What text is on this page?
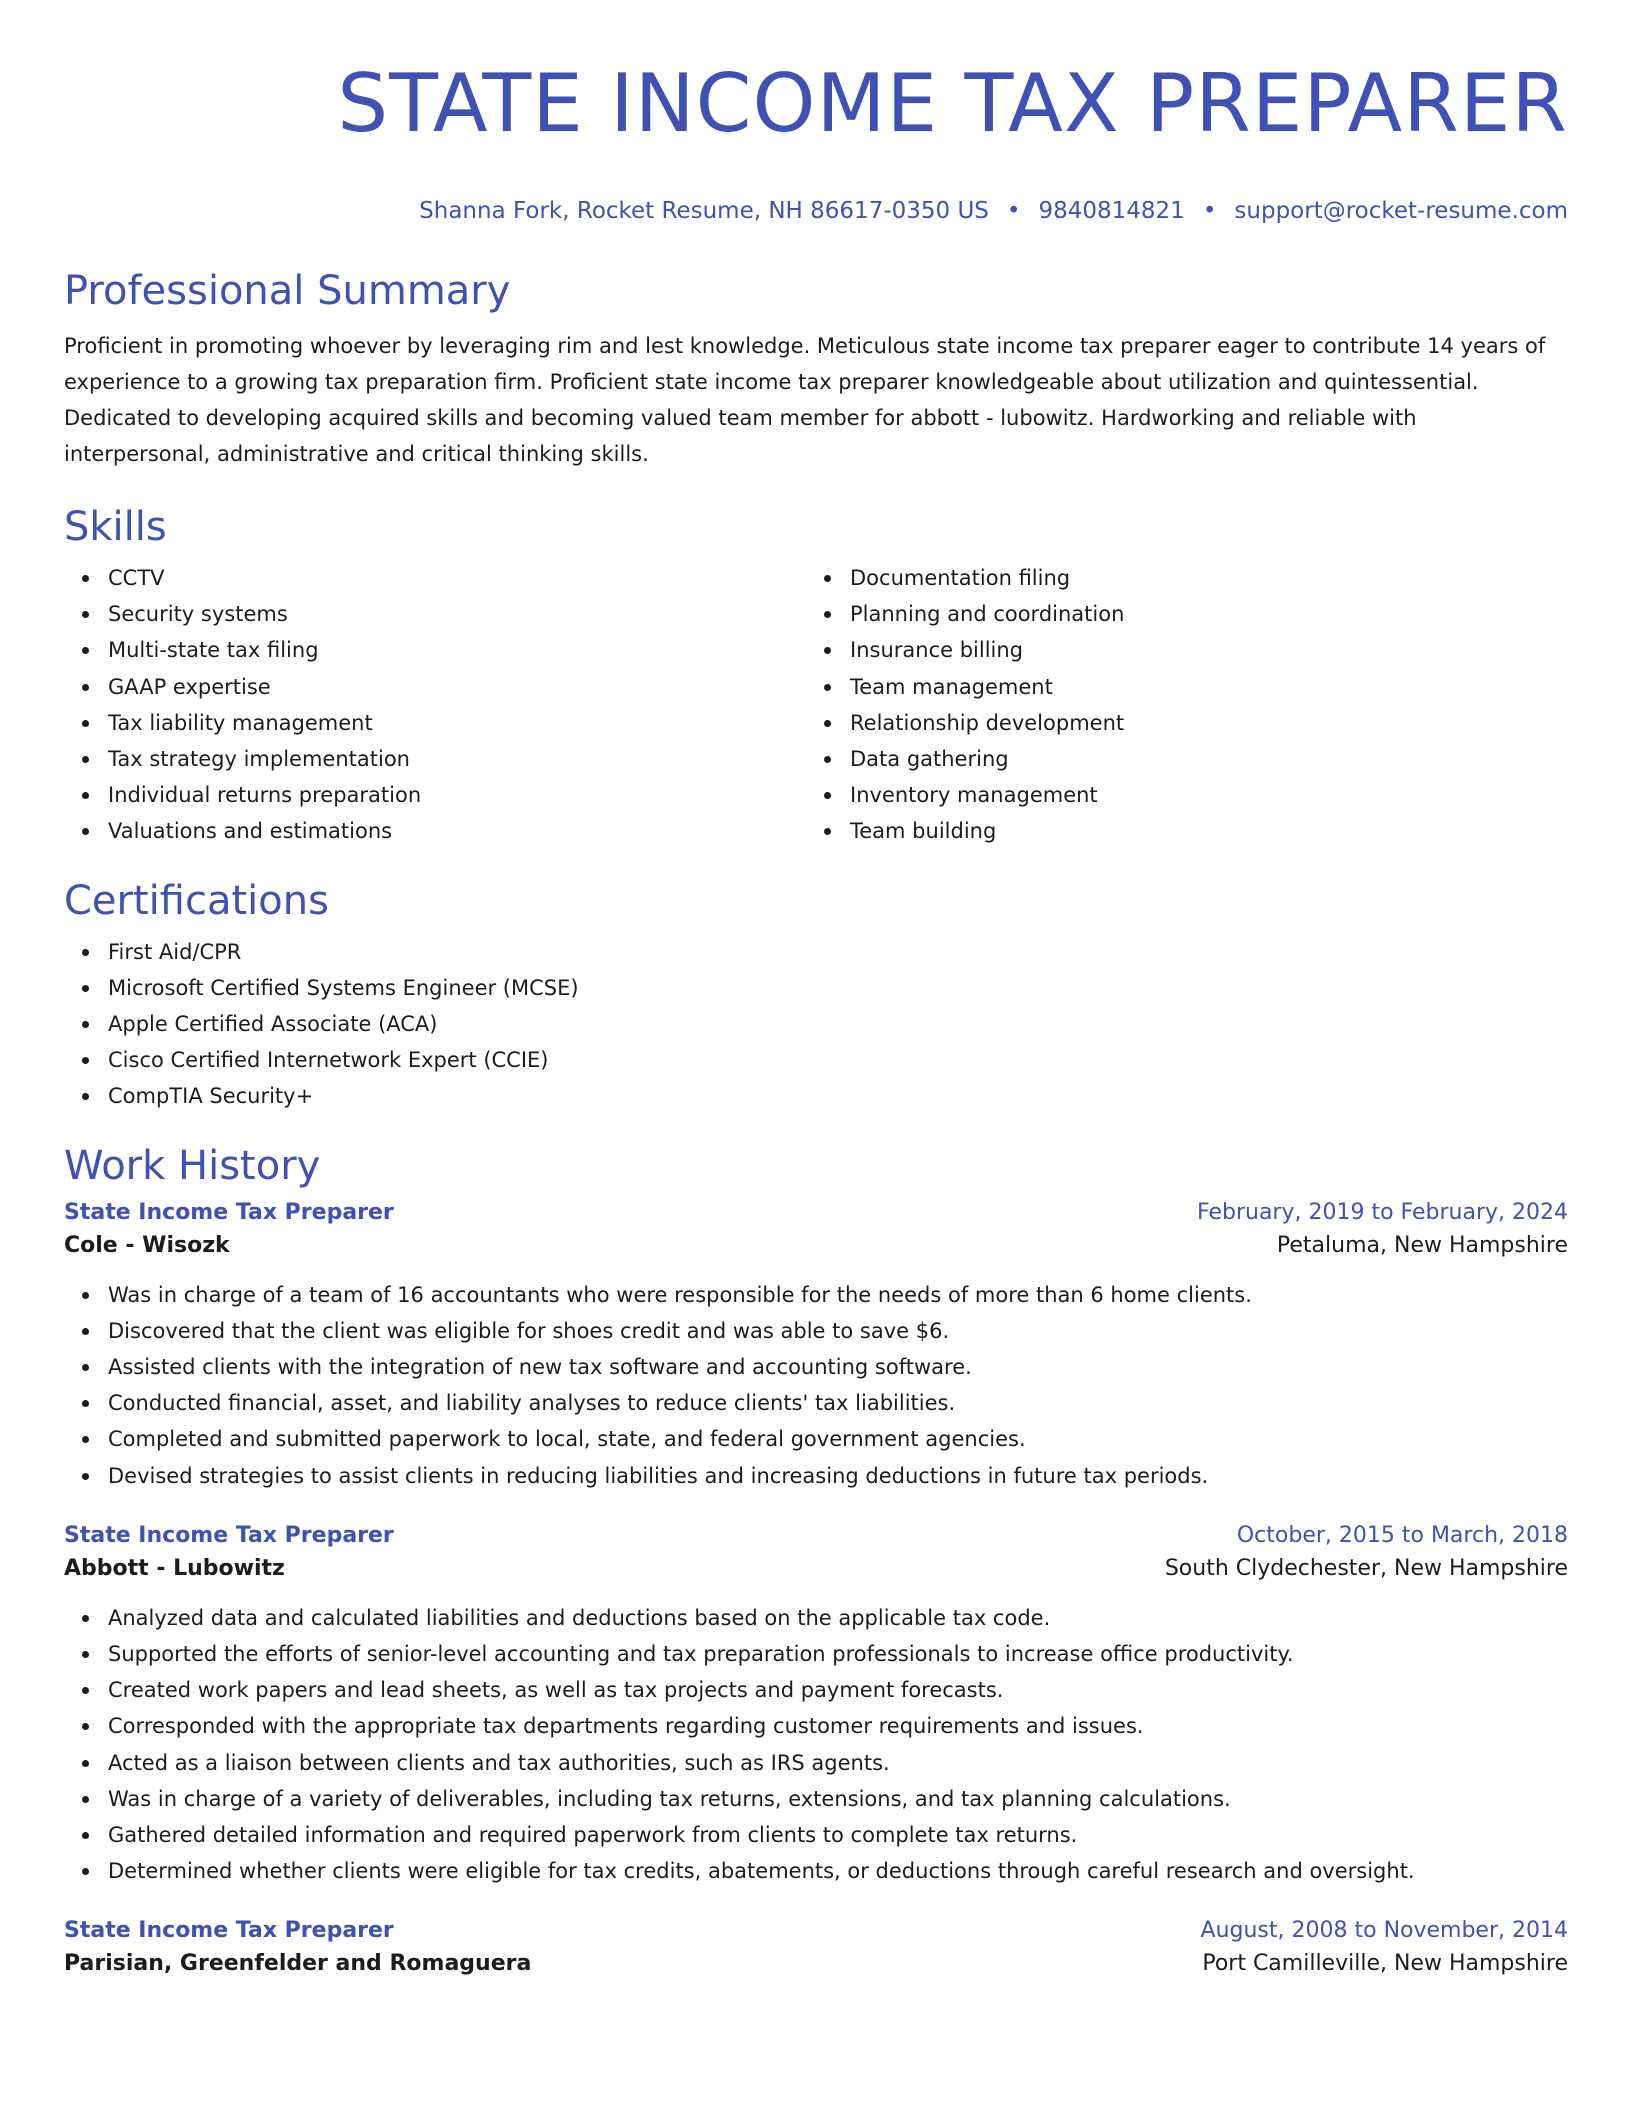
STATE INCOME TAX PREPARER
Shanna Fork, Rocket Resume, NH 86617-0350 US • 9840814821 • support@rocket-resume.com
Professional Summary

Proficient in promoting whoever by leveraging rim and lest knowledge. Meticulous state income tax preparer eager to contribute 14 years of experience to a growing tax preparation firm. Proficient state income tax preparer knowledgeable about utilization and quintessential. Dedicated to developing acquired skills and becoming valued team member for abbott - lubowitz. Hardworking and reliable with interpersonal, administrative and critical thinking skills.

Skills
CCTV
Security systems
Multi-state tax filing
GAAP expertise
Tax liability management
Tax strategy implementation
Individual returns preparation
Valuations and estimations
Documentation filing
Planning and coordination
Insurance billing
Team management
Relationship development
Data gathering
Inventory management
Team building
Certifications
First Aid/CPR
Microsoft Certified Systems Engineer (MCSE)
Apple Certified Associate (ACA)
Cisco Certified Internetwork Expert (CCIE)
CompTIA Security+
Work History
State Income Tax Preparer	February, 2019 to February, 2024
Cole - Wisozk	Petaluma, New Hampshire
Was in charge of a team of 16 accountants who were responsible for the needs of more than 6 home clients.
Discovered that the client was eligible for shoes credit and was able to save $6.
Assisted clients with the integration of new tax software and accounting software.
Conducted financial, asset, and liability analyses to reduce clients' tax liabilities.
Completed and submitted paperwork to local, state, and federal government agencies.
Devised strategies to assist clients in reducing liabilities and increasing deductions in future tax periods.
State Income Tax Preparer	October, 2015 to March, 2018
Abbott - Lubowitz	South Clydechester, New Hampshire
Analyzed data and calculated liabilities and deductions based on the applicable tax code.
Supported the efforts of senior-level accounting and tax preparation professionals to increase office productivity.
Created work papers and lead sheets, as well as tax projects and payment forecasts.
Corresponded with the appropriate tax departments regarding customer requirements and issues.
Acted as a liaison between clients and tax authorities, such as IRS agents.
Was in charge of a variety of deliverables, including tax returns, extensions, and tax planning calculations.
Gathered detailed information and required paperwork from clients to complete tax returns.
Determined whether clients were eligible for tax credits, abatements, or deductions through careful research and oversight.
State Income Tax Preparer	August, 2008 to November, 2014
Parisian, Greenfelder and Romaguera	Port Camilleville, New Hampshire
